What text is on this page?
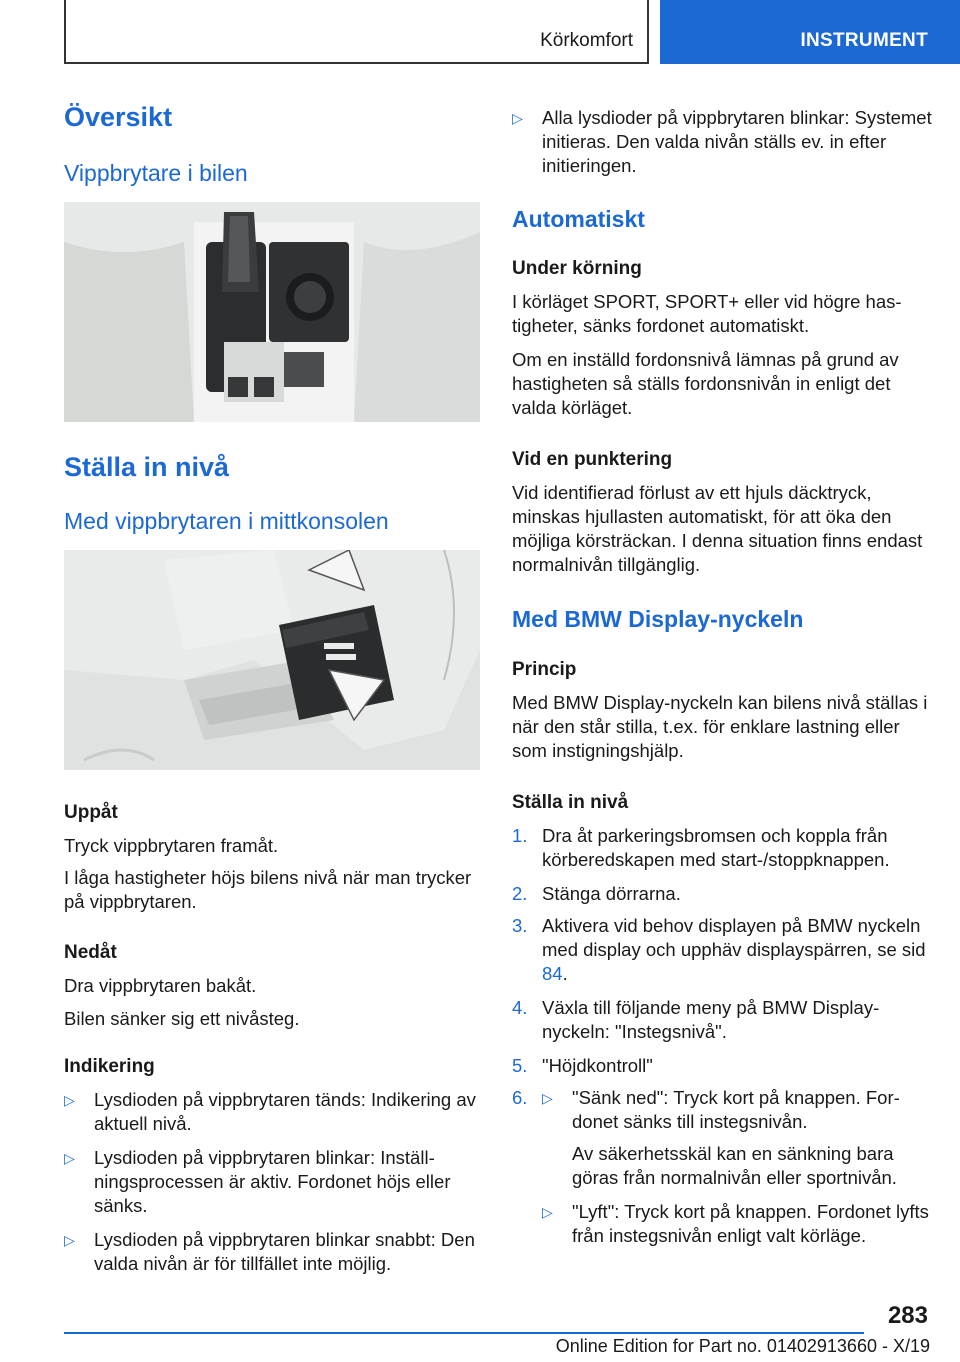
Körkomfort	INSTRUMENT
Översikt
Vippbrytare i bilen
Ställa in nivå
Med vippbrytaren i mittkonsolen
Uppåt
Tryck vippbrytaren framåt.
I låga hastigheter höjs bilens nivå när man trycker på vippbrytaren.
Nedåt
Dra vippbrytaren bakåt.
Bilen sänker sig ett nivåsteg.
Indikering
▷ Lysdioden på vippbrytaren tänds: Indikering av aktuell nivå.
▷ Lysdioden på vippbrytaren blinkar: Inställningsprocessen är aktiv. Fordonet höjs eller sänks.
▷ Lysdioden på vippbrytaren blinkar snabbt: Den valda nivån är för tillfället inte möjlig.
▷ Alla lysdioder på vippbrytaren blinkar: Systemet initieras. Den valda nivån ställs ev. in efter initieringen.
Automatiskt
Under körning
I körläget SPORT, SPORT+ eller vid högre hastigheter, sänks fordonet automatiskt.
Om en inställd fordonsnivå lämnas på grund av hastigheten så ställs fordonsnivån in enligt det valda körläget.
Vid en punktering
Vid identifierad förlust av ett hjuls däcktryck, minskas hjullasten automatiskt, för att öka den möjliga körsträckan. I denna situation finns endast normalnivån tillgänglig.
Med BMW Display-nyckeln
Princip
Med BMW Display-nyckeln kan bilens nivå ställas i när den står stilla, t.ex. för enklare lastning eller som instigningshjälp.
Ställa in nivå
1. Dra åt parkeringsbromsen och koppla från körberedskapen med start-/stoppknappen.
2. Stänga dörrarna.
3. Aktivera vid behov displayen på BMW nyckeln med display och upphäv displayspärren, se sid 84.
4. Växla till följande meny på BMW Display-nyckeln: "Instegsnivå".
5. "Höjdkontroll"
6. ▷ "Sänk ned": Tryck kort på knappen. Fordonet sänks till instegsnivån.
Av säkerhetsskäl kan en sänkning bara göras från normalnivån eller sportnivån.
▷ "Lyft": Tryck kort på knappen. Fordonet lyfts från instegsnivån enligt valt körläge.
283
Online Edition for Part no. 01402913660 - X/19
